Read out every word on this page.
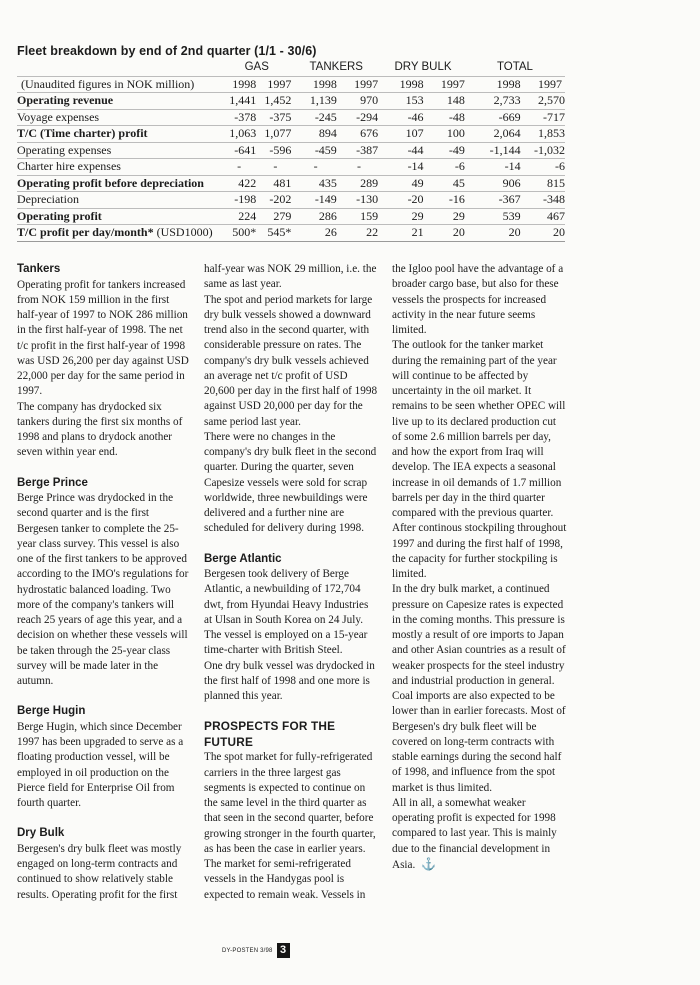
Fleet breakdown by end of 2nd quarter (1/1 - 30/6)
	GAS		TANKERS		DRY BULK		TOTAL	
(Unaudited figures in NOK million)	1998	1997	1998	1997	1998	1997	1998	1997
Operating revenue	1,441	1,452	1,139	970	153	148	2,733	2,570
Voyage expenses	-378	-375	-245	-294	-46	-48	-669	-717
T/C (Time charter) profit	1,063	1,077	894	676	107	100	2,064	1,853
Operating expenses	-641	-596	-459	-387	-44	-49	-1,144	-1,032
Charter hire expenses	-	-	-	-	-14	-6	-14	-6
Operating profit before depreciation	422	481	435	289	49	45	906	815
Depreciation	-198	-202	-149	-130	-20	-16	-367	-348
Operating profit	224	279	286	159	29	29	539	467
T/C profit per day/month* (USD1000)	500*	545*	26	22	21	20	20	20
Tankers

Operating profit for tankers increased from NOK 159 million in the first half-year of 1997 to NOK 286 million in the first half-year of 1998. The net t/c profit in the first half-year of 1998 was USD 26,200 per day against USD 22,000 per day for the same period in 1997.

The company has drydocked six tankers during the first six months of 1998 and plans to drydock another seven within year end.

Berge Prince

Berge Prince was drydocked in the second quarter and is the first Bergesen tanker to complete the 25-year class survey. This vessel is also one of the first tankers to be approved according to the IMO's regulations for hydrostatic balanced loading. Two more of the company's tankers will reach 25 years of age this year, and a decision on whether these vessels will be taken through the 25-year class survey will be made later in the autumn.

Berge Hugin

Berge Hugin, which since December 1997 has been upgraded to serve as a floating production vessel, will be employed in oil production on the Pierce field for Enterprise Oil from fourth quarter.

Dry Bulk

Bergesen's dry bulk fleet was mostly engaged on long-term contracts and continued to show relatively stable results. Operating profit for the first

half-year was NOK 29 million, i.e. the same as last year.

The spot and period markets for large dry bulk vessels showed a downward trend also in the second quarter, with considerable pressure on rates. The company's dry bulk vessels achieved an average net t/c profit of USD 20,600 per day in the first half of 1998 against USD 20,000 per day for the same period last year.

There were no changes in the company's dry bulk fleet in the second quarter. During the quarter, seven Capesize vessels were sold for scrap worldwide, three newbuildings were delivered and a further nine are scheduled for delivery during 1998.

Berge Atlantic

Bergesen took delivery of Berge Atlantic, a newbuilding of 172,704 dwt, from Hyundai Heavy Industries at Ulsan in South Korea on 24 July. The vessel is employed on a 15-year time-charter with British Steel.

One dry bulk vessel was drydocked in the first half of 1998 and one more is planned this year.

PROSPECTS FOR THE FUTURE

The spot market for fully-refrigerated carriers in the three largest gas segments is expected to continue on the same level in the third quarter as that seen in the second quarter, before growing stronger in the fourth quarter, as has been the case in earlier years.

The market for semi-refrigerated vessels in the Handygas pool is expected to remain weak. Vessels in

the Igloo pool have the advantage of a broader cargo base, but also for these vessels the prospects for increased activity in the near future seems limited.

The outlook for the tanker market during the remaining part of the year will continue to be affected by uncertainty in the oil market. It remains to be seen whether OPEC will live up to its declared production cut of some 2.6 million barrels per day, and how the export from Iraq will develop. The IEA expects a seasonal increase in oil demands of 1.7 million barrels per day in the third quarter compared with the previous quarter. After continous stockpiling throughout 1997 and during the first half of 1998, the capacity for further stockpiling is limited.

In the dry bulk market, a continued pressure on Capesize rates is expected in the coming months. This pressure is mostly a result of ore imports to Japan and other Asian countries as a result of weaker prospects for the steel industry and industrial production in general. Coal imports are also expected to be lower than in earlier forecasts. Most of Bergesen's dry bulk fleet will be covered on long-term contracts with stable earnings during the second half of 1998, and influence from the spot market is thus limited.

All in all, a somewhat weaker operating profit is expected for 1998 compared to last year. This is mainly due to the financial development in Asia. ⚓

DY-POSTEN 3/98 3
